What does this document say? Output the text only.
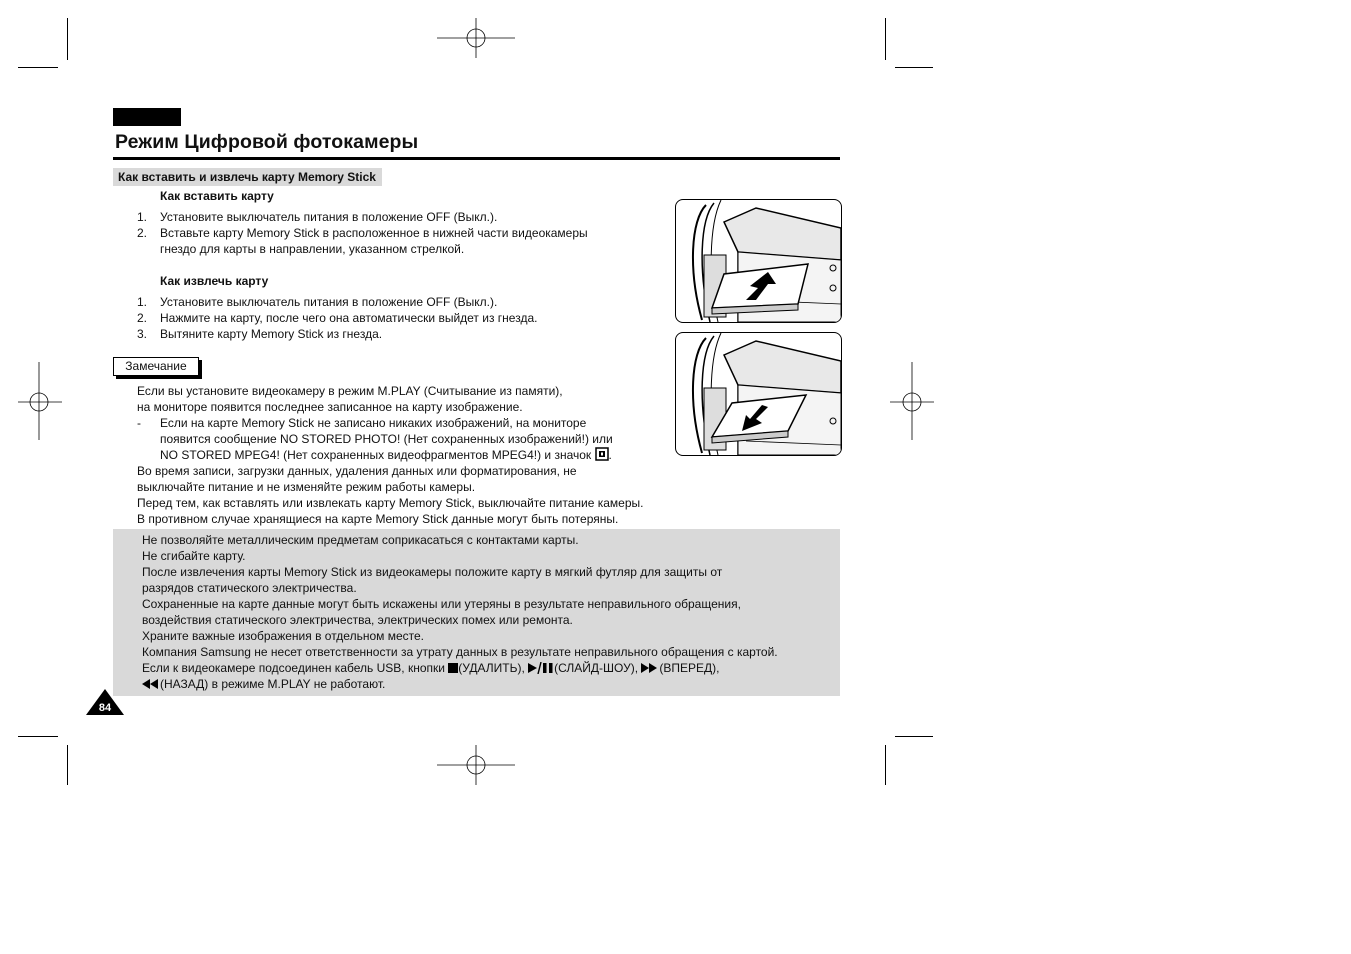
Режим Цифровой фотокамеры
Как вставить и извлечь карту Memory Stick
Как вставить карту
1. Установите выключатель питания в положение OFF (Выкл.).
2. Вставьте карту Memory Stick в расположенное в нижней части видеокамеры
гнездо для карты в направлении, указанном стрелкой.
Как извлечь карту
1. Установите выключатель питания в положение OFF (Выкл.).
2. Нажмите на карту, после чего она автоматически выйдет из гнезда.
3. Вытяните карту Memory Stick из гнезда.
Замечание
Если вы установите видеокамеру в режим M.PLAY (Считывание из памяти),
на мониторе появится последнее записанное на карту изображение.
- Если на карте Memory Stick не записано никаких изображений, на мониторе
появится сообщение NO STORED PHOTO! (Нет сохраненных изображений!) или
NO STORED MPEG4! (Нет сохраненных видеофрагментов MPEG4!) и значок .
Во время записи, загрузки данных, удаления данных или форматирования, не
выключайте питание и не изменяйте режим работы камеры.
Перед тем, как вставлять или извлекать карту Memory Stick, выключайте питание камеры.
В противном случае хранящиеся на карте Memory Stick данные могут быть потеряны.
Не позволяйте металлическим предметам соприкасаться с контактами карты.
Не сгибайте карту.
После извлечения карты Memory Stick из видеокамеры положите карту в мягкий футляр для защиты от
разрядов статического электричества.
Сохраненные на карте данные могут быть искажены или утеряны в результате неправильного обращения,
воздействия статического электричества, электрических помех или ремонта.
Храните важные изображения в отдельном месте.
Компания Samsung не несет ответственности за утрату данных в результате неправильного обращения с картой.
Если к видеокамере подсоединен кабель USB, кнопки (УДАЛИТЬ), (СЛАЙД-ШОУ), (ВПЕРЕД),
(НАЗАД) в режиме M.PLAY не работают.
84
